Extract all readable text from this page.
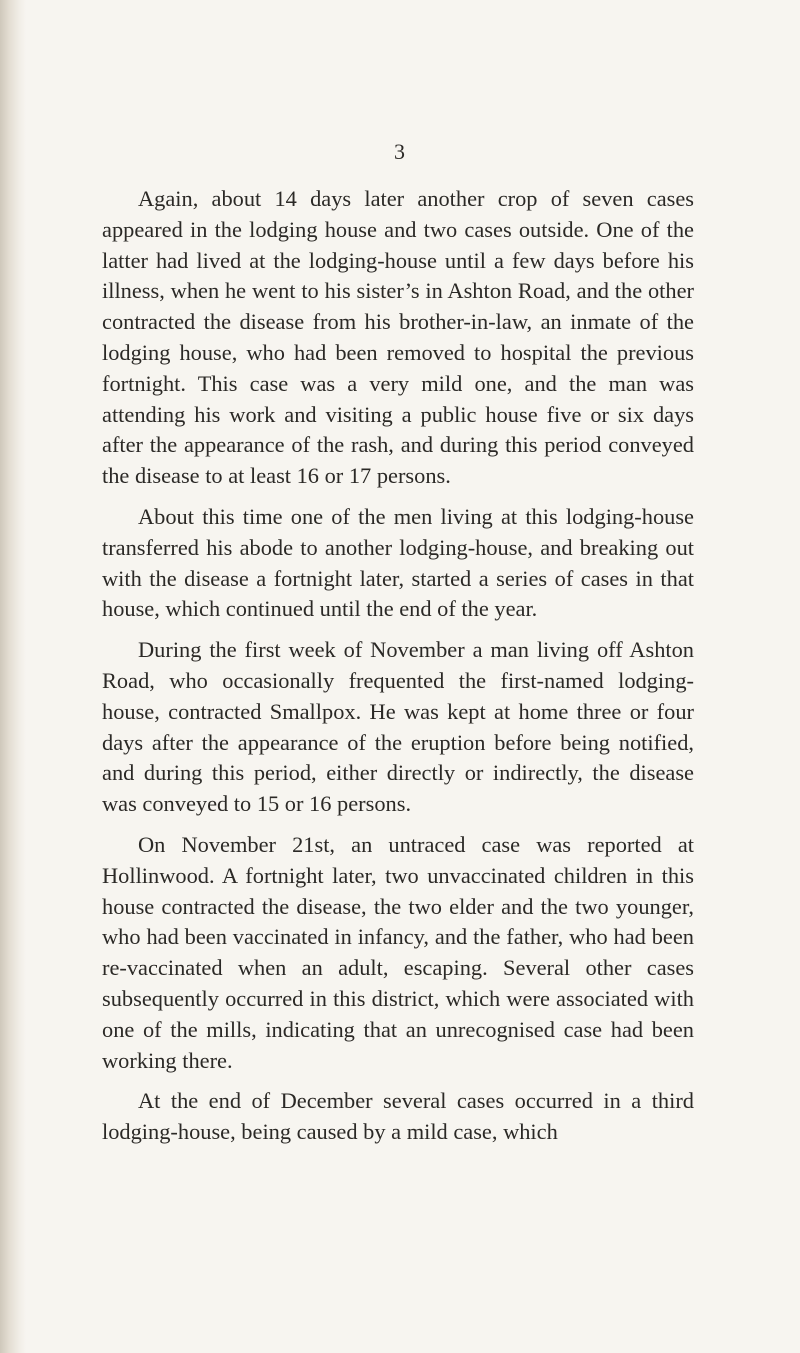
3

Again, about 14 days later another crop of seven cases appeared in the lodging house and two cases outside. One of the latter had lived at the lodging-house until a few days before his illness, when he went to his sister’s in Ashton Road, and the other contracted the disease from his brother-in-law, an inmate of the lodging house, who had been removed to hospital the previous fortnight. This case was a very mild one, and the man was attending his work and visiting a public house five or six days after the appearance of the rash, and during this period conveyed the disease to at least 16 or 17 persons.

About this time one of the men living at this lodging-house transferred his abode to another lodging-house, and breaking out with the disease a fortnight later, started a series of cases in that house, which continued until the end of the year.

During the first week of November a man living off Ashton Road, who occasionally frequented the first-named lodging-house, contracted Smallpox. He was kept at home three or four days after the appearance of the eruption before being notified, and during this period, either directly or indirectly, the disease was conveyed to 15 or 16 persons.

On November 21st, an untraced case was reported at Hollinwood. A fortnight later, two unvaccinated children in this house contracted the disease, the two elder and the two younger, who had been vaccinated in infancy, and the father, who had been re-vaccinated when an adult, escaping. Several other cases subsequently occurred in this district, which were associated with one of the mills, indicating that an unrecognised case had been working there.

At the end of December several cases occurred in a third lodging-house, being caused by a mild case, which
